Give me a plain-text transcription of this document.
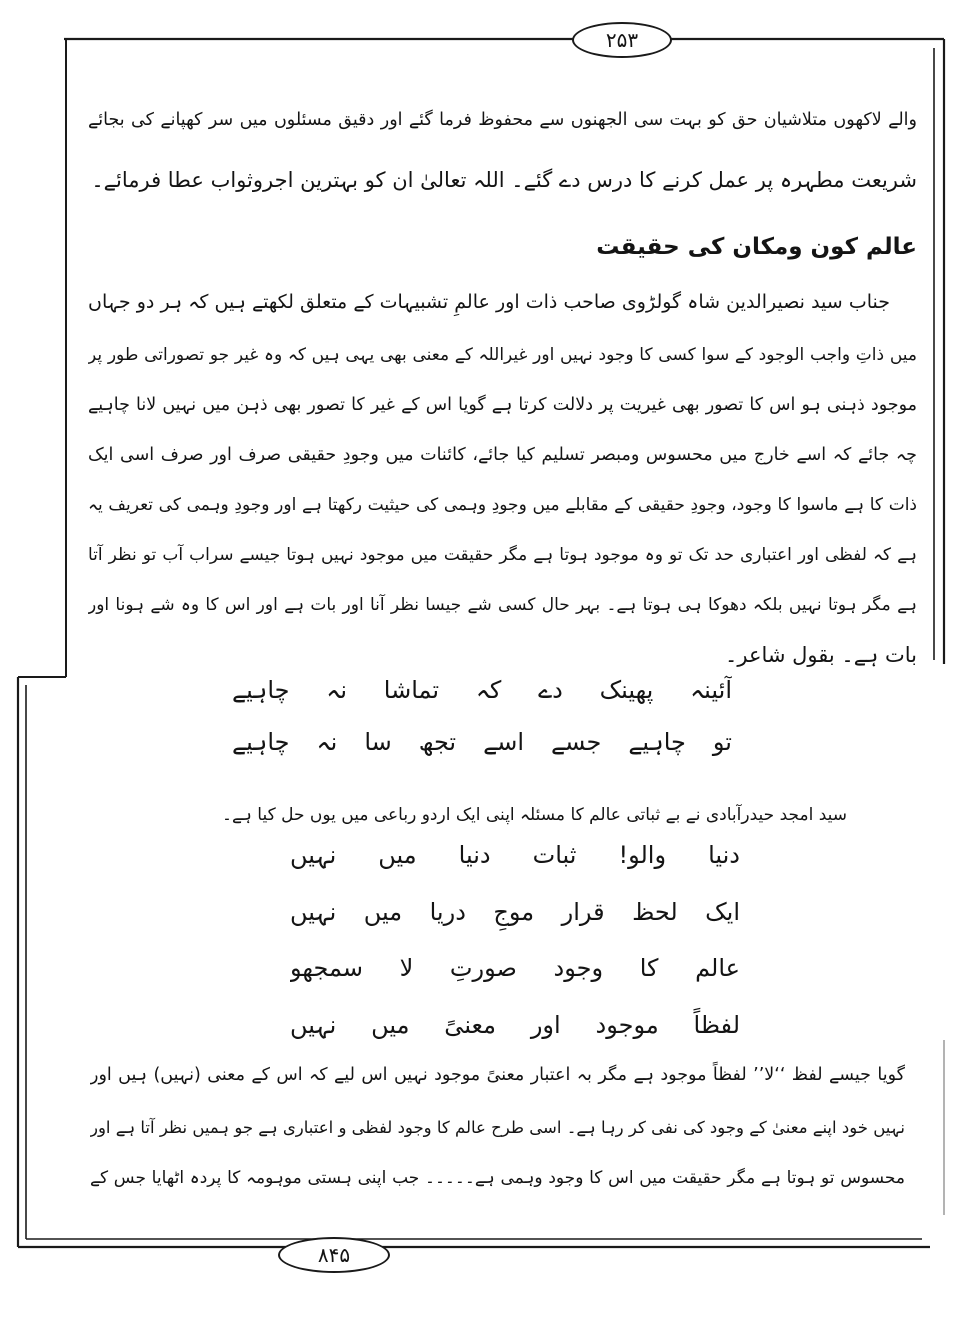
۲۵۳
۸۴۵
والے لاکھوں متلاشیان حق کو بہت سی الجھنوں سے محفوظ فرما گئے اور دقیق مسئلوں میں سر کھپانے کی بجائے
شریعت مطہرہ پر عمل کرنے کا درس دے گئے۔ اللہ تعالیٰ ان کو بہترین اجروثواب عطا فرمائے۔
عالم کون ومکان کی حقیقت
جناب سید نصیرالدین شاہ گولڑوی صاحب ذات اور عالمِ تشبیہات کے متعلق لکھتے ہیں کہ ہر دو جہاں
میں ذاتِ واجب الوجود کے سوا کسی کا وجود نہیں اور غیراللہ کے معنی بھی یہی ہیں کہ وہ غیر جو تصوراتی طور پر
موجود ذہنی ہو اس کا تصور بھی غیریت پر دلالت کرتا ہے گویا اس کے غیر کا تصور بھی ذہن میں نہیں لانا چاہیے
چہ جائے کہ اسے خارج میں محسوس ومبصر تسلیم کیا جائے، کائنات میں وجودِ حقیقی صرف اور صرف اسی ایک
ذات کا ہے ماسوا کا وجود، وجودِ حقیقی کے مقابلے میں وجودِ وہمی کی حیثیت رکھتا ہے اور وجودِ وہمی کی تعریف یہ
ہے کہ لفظی اور اعتباری حد تک تو وہ موجود ہوتا ہے مگر حقیقت میں موجود نہیں ہوتا جیسے سراب آب تو نظر آتا
ہے مگر ہوتا نہیں بلکہ دھوکا ہی ہوتا ہے۔ بہر حال کسی شے جیسا نظر آنا اور بات ہے اور اس کا وہ شے ہونا اور
بات ہے۔ بقول شاعر۔
آئینہ پھینک دے کہ تماشا نہ چاہیے
تو چاہیے جسے اسے تجھ سا نہ چاہیے
سید امجد حیدرآبادی نے بے ثباتی عالم کا مسئلہ اپنی ایک اردو رباعی میں یوں حل کیا ہے۔
دنیا والو! ثبات دنیا میں نہیں
ایک لحظ قرار موجِ دریا میں نہیں
عالم کا وجود صورتِ لا سمجھو
لفظاً موجود اور معنیً میں نہیں
گویا جیسے لفظ ‘‘لا’’ لفظاً موجود ہے مگر بہ اعتبار معنیً موجود نہیں اس لیے کہ اس کے معنی (نہیں) ہیں اور
نہیں خود اپنے معنیٰ کے وجود کی نفی کر رہا ہے۔ اسی طرح عالم کا وجود لفظی و اعتباری ہے جو ہمیں نظر آتا ہے اور
محسوس تو ہوتا ہے مگر حقیقت میں اس کا وجود وہمی ہے۔۔۔۔۔ جب اپنی ہستی موہومہ کا پردہ اٹھایا جس کے
